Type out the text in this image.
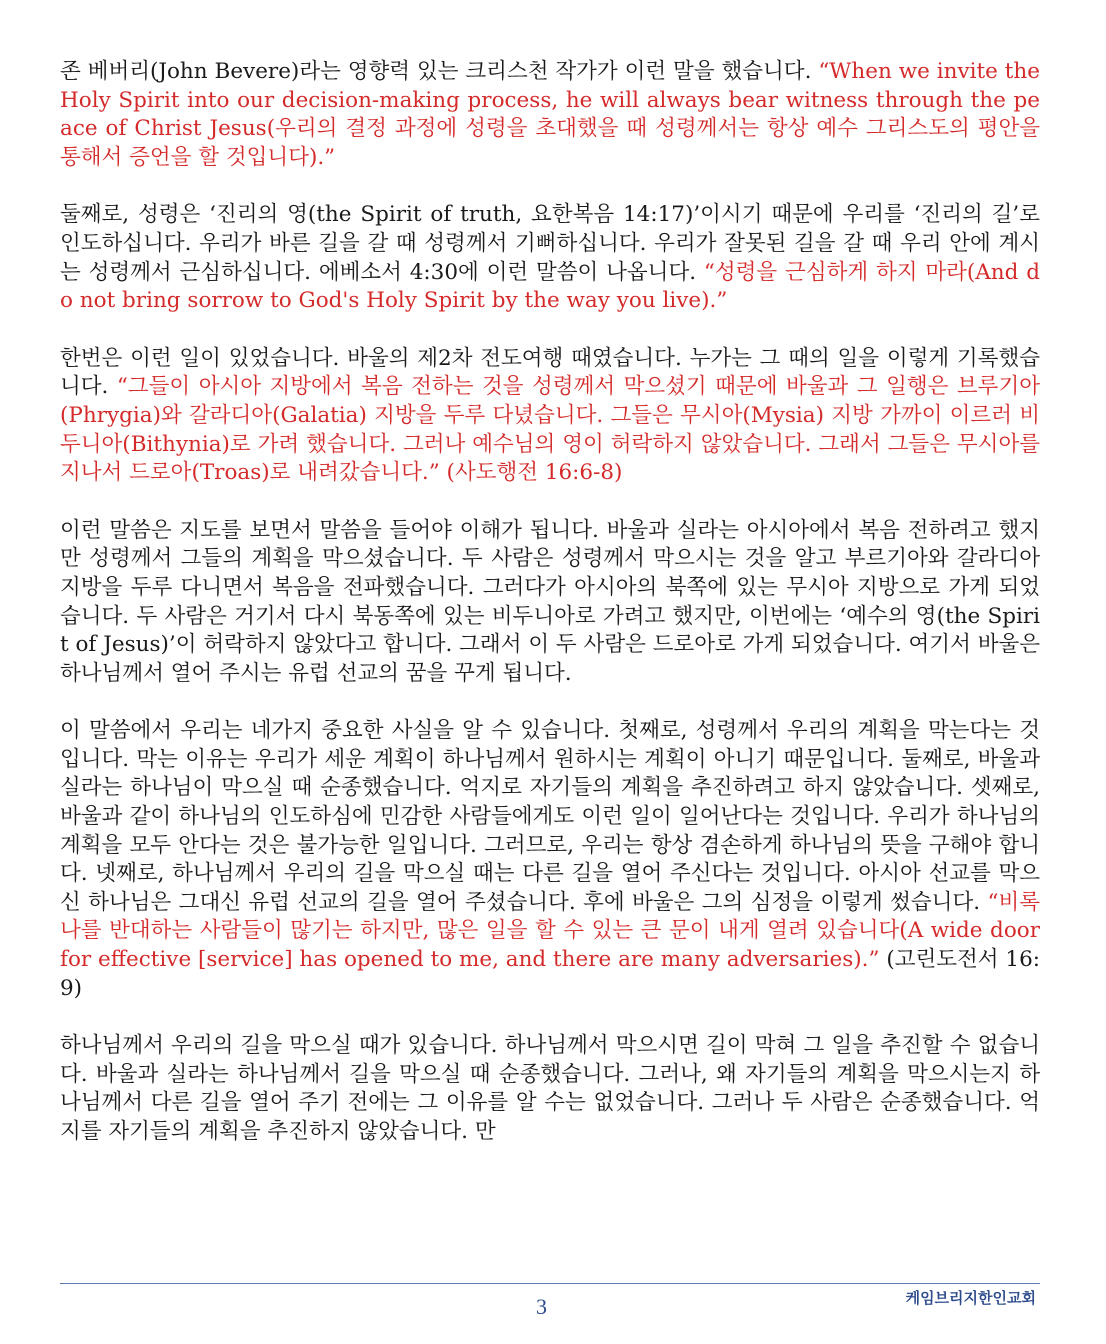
존 베버리(John Bevere)라는 영향력 있는 크리스천 작가가 이런 말을 했습니다. “When we invite the Holy Spirit into our decision-making process, he will always bear witness through the peace of Christ Jesus(우리의 결정 과정에 성령을 초대했을 때 성령께서는 항상 예수 그리스도의 평안을 통해서 증언을 할 것입니다).”

둘째로, 성령은 ‘진리의 영(the Spirit of truth, 요한복음 14:17)’이시기 때문에 우리를 ‘진리의 길’로 인도하십니다. 우리가 바른 길을 갈 때 성령께서 기뻐하십니다. 우리가 잘못된 길을 갈 때 우리 안에 계시는 성령께서 근심하십니다. 에베소서 4:30에 이런 말씀이 나옵니다. “성령을 근심하게 하지 마라(And do not bring sorrow to God's Holy Spirit by the way you live).”

한번은 이런 일이 있었습니다. 바울의 제2차 전도여행 때였습니다. 누가는 그 때의 일을 이렇게 기록했습니다. “그들이 아시아 지방에서 복음 전하는 것을 성령께서 막으셨기 때문에 바울과 그 일행은 브루기아(Phrygia)와 갈라디아(Galatia) 지방을 두루 다녔습니다. 그들은 무시아(Mysia) 지방 가까이 이르러 비두니아(Bithynia)로 가려 했습니다. 그러나 예수님의 영이 허락하지 않았습니다. 그래서 그들은 무시아를 지나서 드로아(Troas)로 내려갔습니다.” (사도행전 16:6-8)

이런 말씀은 지도를 보면서 말씀을 들어야 이해가 됩니다. 바울과 실라는 아시아에서 복음 전하려고 했지만 성령께서 그들의 계획을 막으셨습니다. 두 사람은 성령께서 막으시는 것을 알고 부르기아와 갈라디아 지방을 두루 다니면서 복음을 전파했습니다. 그러다가 아시아의 북쪽에 있는 무시아 지방으로 가게 되었습니다. 두 사람은 거기서 다시 북동쪽에 있는 비두니아로 가려고 했지만, 이번에는 ‘예수의 영(the Spirit of Jesus)’이 허락하지 않았다고 합니다. 그래서 이 두 사람은 드로아로 가게 되었습니다. 여기서 바울은 하나님께서 열어 주시는 유럽 선교의 꿈을 꾸게 됩니다.

이 말씀에서 우리는 네가지 중요한 사실을 알 수 있습니다. 첫째로, 성령께서 우리의 계획을 막는다는 것입니다. 막는 이유는 우리가 세운 계획이 하나님께서 원하시는 계획이 아니기 때문입니다. 둘째로, 바울과 실라는 하나님이 막으실 때 순종했습니다. 억지로 자기들의 계획을 추진하려고 하지 않았습니다. 셋째로, 바울과 같이 하나님의 인도하심에 민감한 사람들에게도 이런 일이 일어난다는 것입니다. 우리가 하나님의 계획을 모두 안다는 것은 불가능한 일입니다. 그러므로, 우리는 항상 겸손하게 하나님의 뜻을 구해야 합니다. 넷째로, 하나님께서 우리의 길을 막으실 때는 다른 길을 열어 주신다는 것입니다. 아시아 선교를 막으신 하나님은 그대신 유럽 선교의 길을 열어 주셨습니다. 후에 바울은 그의 심정을 이렇게 썼습니다. “비록 나를 반대하는 사람들이 많기는 하지만, 많은 일을 할 수 있는 큰 문이 내게 열려 있습니다(A wide door for effective [service] has opened to me, and there are many adversaries).” (고린도전서 16:9)

하나님께서 우리의 길을 막으실 때가 있습니다. 하나님께서 막으시면 길이 막혀 그 일을 추진할 수 없습니다. 바울과 실라는 하나님께서 길을 막으실 때 순종했습니다. 그러나, 왜 자기들의 계획을 막으시는지 하나님께서 다른 길을 열어 주기 전에는 그 이유를 알 수는 없었습니다. 그러나 두 사람은 순종했습니다. 억지를 자기들의 계획을 추진하지 않았습니다. 만

3	케임브리지한인교회
